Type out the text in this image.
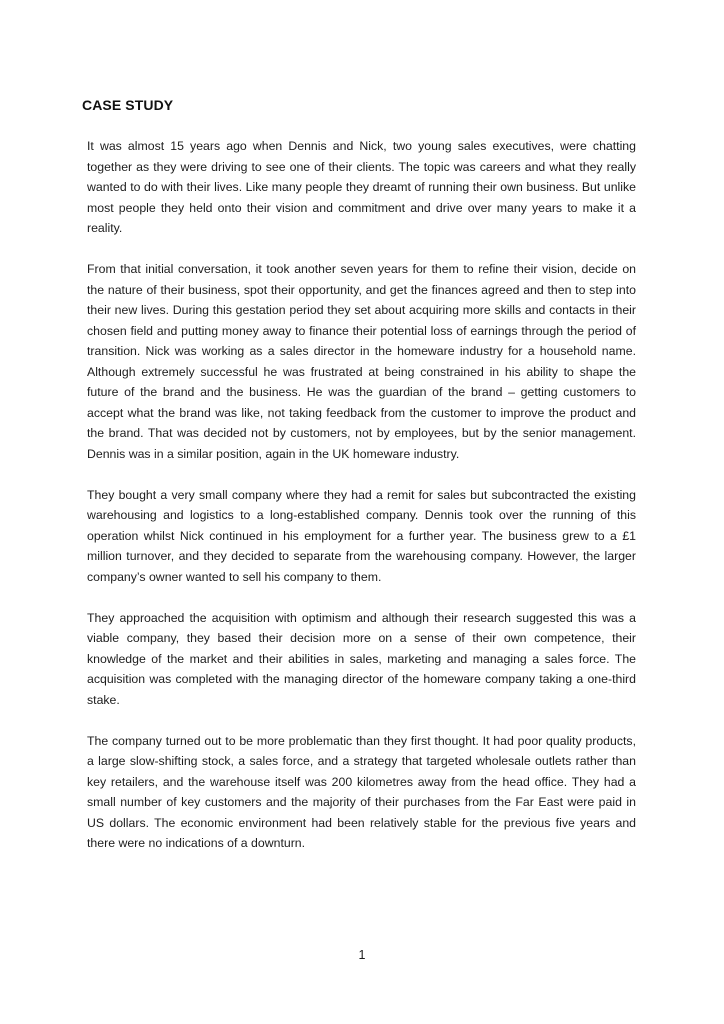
CASE STUDY

It was almost 15 years ago when Dennis and Nick, two young sales executives, were chatting together as they were driving to see one of their clients. The topic was careers and what they really wanted to do with their lives. Like many people they dreamt of running their own business. But unlike most people they held onto their vision and commitment and drive over many years to make it a reality.

From that initial conversation, it took another seven years for them to refine their vision, decide on the nature of their business, spot their opportunity, and get the finances agreed and then to step into their new lives. During this gestation period they set about acquiring more skills and contacts in their chosen field and putting money away to finance their potential loss of earnings through the period of transition. Nick was working as a sales director in the homeware industry for a household name. Although extremely successful he was frustrated at being constrained in his ability to shape the future of the brand and the business. He was the guardian of the brand – getting customers to accept what the brand was like, not taking feedback from the customer to improve the product and the brand. That was decided not by customers, not by employees, but by the senior management. Dennis was in a similar position, again in the UK homeware industry.

They bought a very small company where they had a remit for sales but subcontracted the existing warehousing and logistics to a long-established company. Dennis took over the running of this operation whilst Nick continued in his employment for a further year. The business grew to a £1 million turnover, and they decided to separate from the warehousing company. However, the larger company’s owner wanted to sell his company to them.

They approached the acquisition with optimism and although their research suggested this was a viable company, they based their decision more on a sense of their own competence, their knowledge of the market and their abilities in sales, marketing and managing a sales force. The acquisition was completed with the managing director of the homeware company taking a one-third stake.

The company turned out to be more problematic than they first thought. It had poor quality products, a large slow-shifting stock, a sales force, and a strategy that targeted wholesale outlets rather than key retailers, and the warehouse itself was 200 kilometres away from the head office. They had a small number of key customers and the majority of their purchases from the Far East were paid in US dollars. The economic environment had been relatively stable for the previous five years and there were no indications of a downturn.

1
